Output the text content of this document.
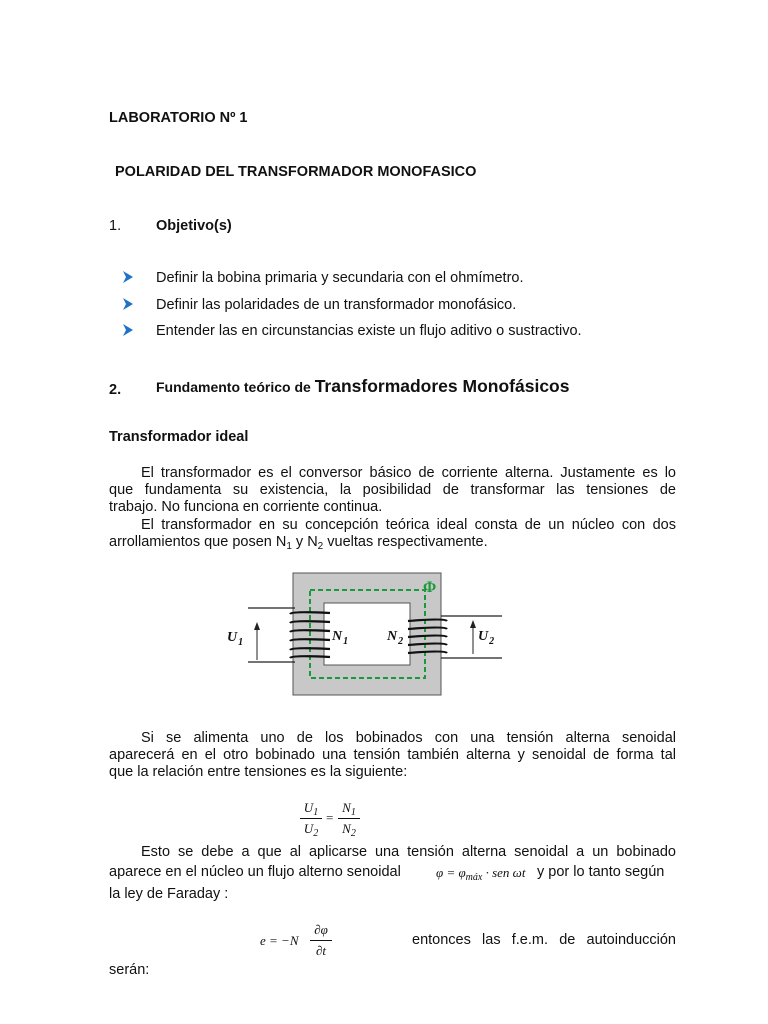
LABORATORIO Nº 1
POLARIDAD DEL TRANSFORMADOR MONOFASICO
1. Objetivo(s)
Definir la bobina primaria y secundaria con el ohmímetro.
Definir las polaridades de un transformador monofásico.
Entender las en circunstancias existe un flujo aditivo o sustractivo.
2. Fundamento teórico de Transformadores Monofásicos
Transformador ideal
El transformador es el conversor básico de corriente alterna. Justamente es lo
que fundamenta su existencia, la posibilidad de transformar las tensiones de
trabajo. No funciona en corriente continua.
El transformador en su concepción teórica ideal consta de un núcleo con dos
arrollamientos que posen $N_1$ y $N_2$ vueltas respectivamente.
Φ
$U_1$	$N_1$	$N_2$	$U_2$
Si se alimenta uno de los bobinados con una tensión alterna senoidal
aparecerá en el otro bobinado una tensión también alterna y senoidal de forma tal
que la relación entre tensiones es la siguiente:
$U_1$
$U_2$
=
$N_1$
$N_2$
Esto se debe a que al aplicarse una tensión alterna senoidal a un bobinado
aparece en el núcleo un flujo alterno senoidal	$\varphi = \varphi_{máx}$ · sen ωt y por lo tanto según
la ley de Faraday :
e = −N
∂φ
∂t
entonces las f.e.m. de autoinducción
serán:
